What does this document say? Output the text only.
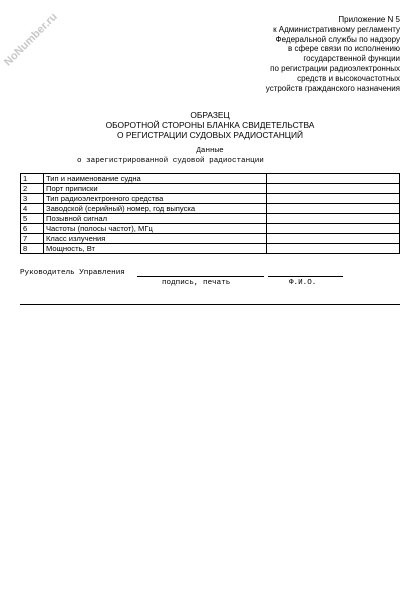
NoNumber.ru	Приложение N 5
к Административному регламенту
Федеральной службы по надзору
в сфере связи по исполнению
государственной функции
по регистрации радиоэлектронных
средств и высокочастотных
устройств гражданского назначения
ОБРАЗЕЦ
ОБОРОТНОЙ СТОРОНЫ БЛАНКА СВИДЕТЕЛЬСТВА
О РЕГИСТРАЦИИ СУДОВЫХ РАДИОСТАНЦИЙ
Данные
о зарегистрированной судовой радиостанции
1	Тип и наименование судна	
2	Порт приписки	
3	Тип радиоэлектронного средства	
4	Заводской (серийный) номер, год выпуска	
5	Позывной сигнал	
6	Частоты (полосы частот), МГц	
7	Класс излучения	
8	Мощность, Вт	
Руководитель Управления
подпись, печать	Ф.И.О.
